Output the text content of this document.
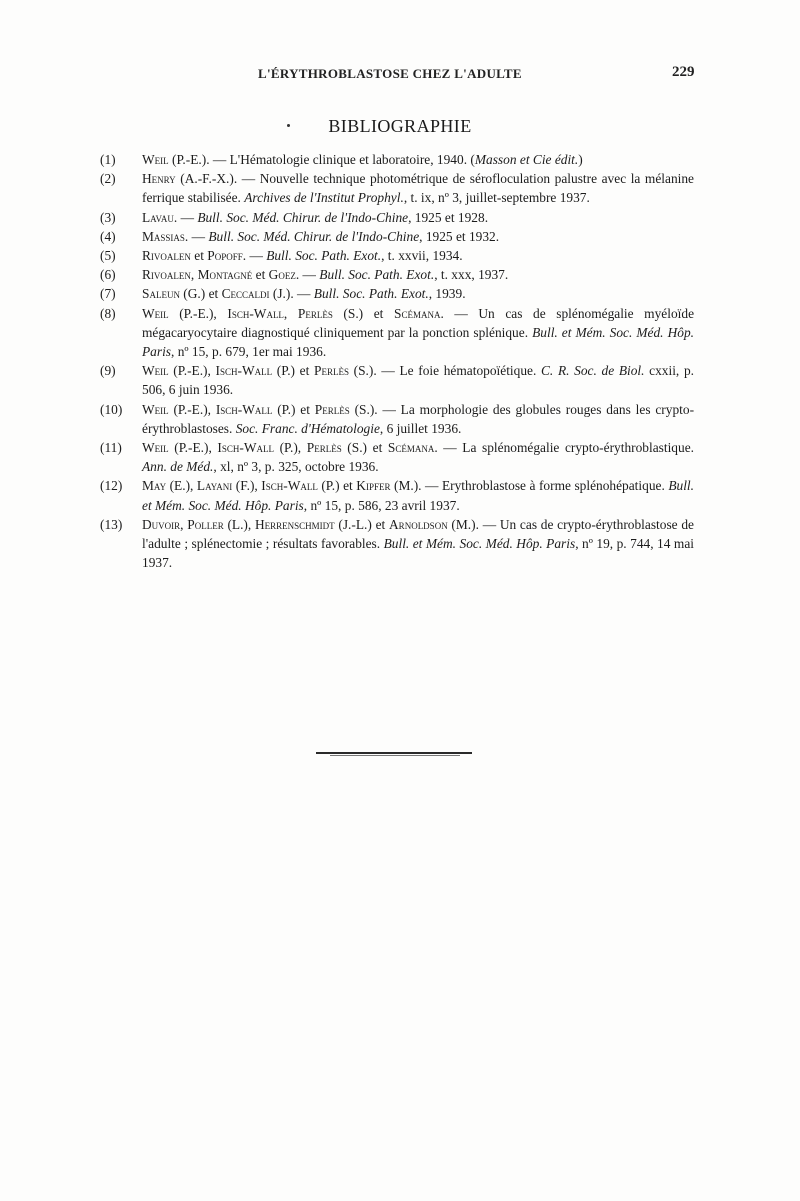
L'ÉRYTHROBLASTOSE CHEZ L'ADULTE	229
BIBLIOGRAPHIE

(1) Weil (P.-E.). — L'Hématologie clinique et laboratoire, 1940. (Masson et Cie édit.)

(2) Henry (A.-F.-X.). — Nouvelle technique photométrique de sérofloculation palustre avec la mélanine ferrique stabilisée. Archives de l'Institut Prophyl., t. ix, nº 3, juillet-septembre 1937.

(3) Lavau. — Bull. Soc. Méd. Chirur. de l'Indo-Chine, 1925 et 1928.

(4) Massias. — Bull. Soc. Méd. Chirur. de l'Indo-Chine, 1925 et 1932.

(5) Rivoalen et Popoff. — Bull. Soc. Path. Exot., t. xxvii, 1934.

(6) Rivoalen, Montagné et Goez. — Bull. Soc. Path. Exot., t. xxx, 1937.

(7) Saleun (G.) et Ceccaldi (J.). — Bull. Soc. Path. Exot., 1939.

(8) Weil (P.-E.), Isch-Wall, Perlès (S.) et Scémana. — Un cas de splénomégalie myéloïde mégacaryocytaire diagnostiqué cliniquement par la ponction splénique. Bull. et Mém. Soc. Méd. Hôp. Paris, nº 15, p. 679, 1er mai 1936.

(9) Weil (P.-E.), Isch-Wall (P.) et Perlès (S.). — Le foie hématopoïétique. C. R. Soc. de Biol. cxxii, p. 506, 6 juin 1936.

(10) Weil (P.-E.), Isch-Wall (P.) et Perlès (S.). — La morphologie des globules rouges dans les crypto-érythroblastoses. Soc. Franc. d'Hématologie, 6 juillet 1936.

(11) Weil (P.-E.), Isch-Wall (P.), Perlès (S.) et Scémana. — La splénomégalie crypto-érythroblastique. Ann. de Méd., xl, nº 3, p. 325, octobre 1936.

(12) May (E.), Layani (F.), Isch-Wall (P.) et Kipfer (M.). — Erythroblastose à forme splénohépatique. Bull. et Mém. Soc. Méd. Hôp. Paris, nº 15, p. 586, 23 avril 1937.

(13) Duvoir, Poller (L.), Herrenschmidt (J.-L.) et Arnoldson (M.). — Un cas de crypto-érythroblastose de l'adulte ; splénectomie ; résultats favorables. Bull. et Mém. Soc. Méd. Hôp. Paris, nº 19, p. 744, 14 mai 1937.
